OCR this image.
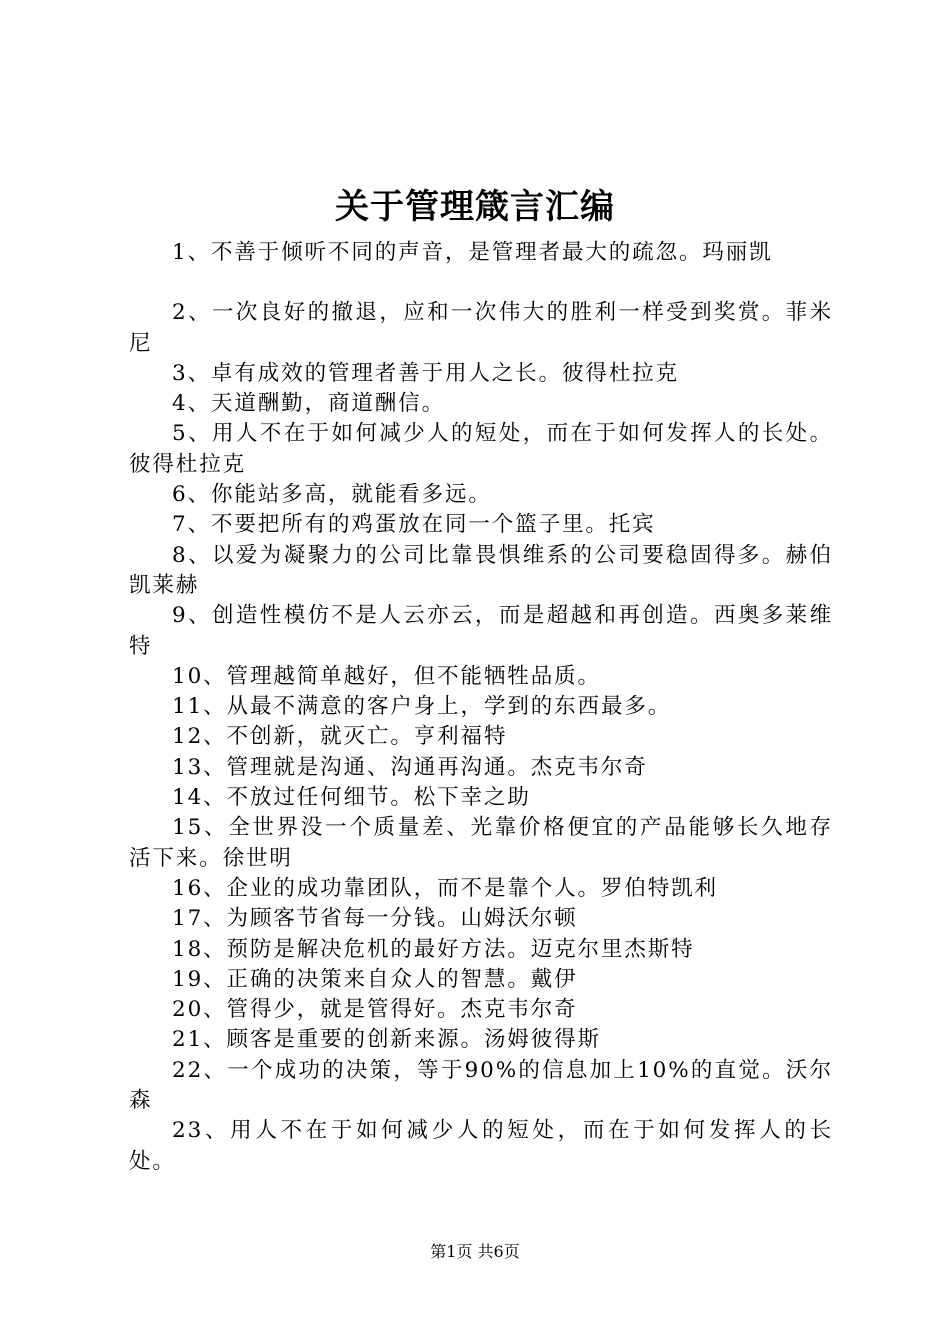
关于管理箴言汇编

1、不善于倾听不同的声音，是管理者最大的疏忽。玛丽凯

2、一次良好的撤退，应和一次伟大的胜利一样受到奖赏。菲米尼

3、卓有成效的管理者善于用人之长。彼得杜拉克

4、天道酬勤，商道酬信。

5、用人不在于如何减少人的短处，而在于如何发挥人的长处。彼得杜拉克

6、你能站多高，就能看多远。

7、不要把所有的鸡蛋放在同一个篮子里。托宾

8、以爱为凝聚力的公司比靠畏惧维系的公司要稳固得多。赫伯凯莱赫

9、创造性模仿不是人云亦云，而是超越和再创造。西奥多莱维特

10、管理越简单越好，但不能牺牲品质。

11、从最不满意的客户身上，学到的东西最多。

12、不创新，就灭亡。亨利福特

13、管理就是沟通、沟通再沟通。杰克韦尔奇

14、不放过任何细节。松下幸之助

15、全世界没一个质量差、光靠价格便宜的产品能够长久地存活下来。徐世明

16、企业的成功靠团队，而不是靠个人。罗伯特凯利

17、为顾客节省每一分钱。山姆沃尔顿

18、预防是解决危机的最好方法。迈克尔里杰斯特

19、正确的决策来自众人的智慧。戴伊

20、管得少，就是管得好。杰克韦尔奇

21、顾客是重要的创新来源。汤姆彼得斯

22、一个成功的决策，等于90%的信息加上10%的直觉。沃尔森

23、用人不在于如何减少人的短处，而在于如何发挥人的长处。

第1页 共6页
